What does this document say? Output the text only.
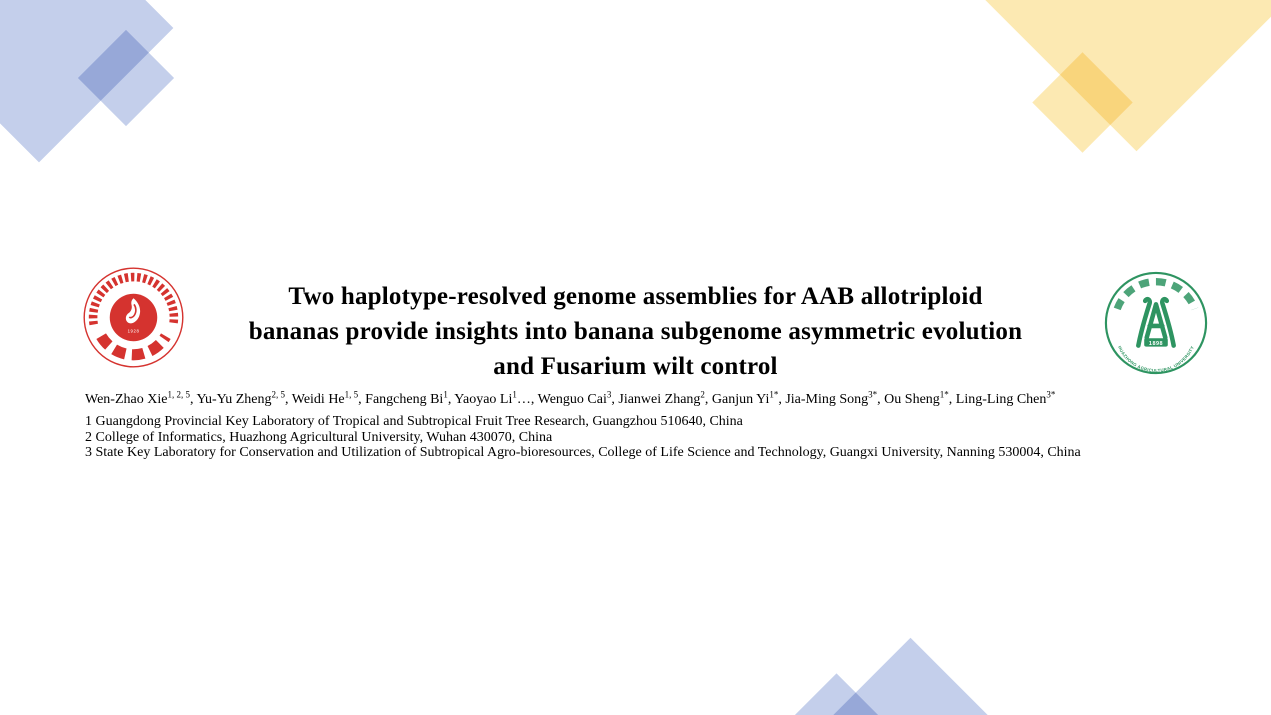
1928
HUAZHONG AGRICULTURAL UNIVERSITY
1898
Two haplotype-resolved genome assemblies for AAB allotriploid
bananas provide insights into banana subgenome asymmetric evolution
and Fusarium wilt control
Wen-Zhao Xie$^{1, 2, 5}$, Yu-Yu Zheng$^{2, 5}$, Weidi He$^{1, 5}$, Fangcheng Bi$^1$, Yaoyao Li$^1$…, Wenguo Cai$^3$, Jianwei Zhang$^2$, Ganjun $Yi^{1*}$, Jia-Ming Song$^{3*}$, Ou Sheng$^{1*}$, Ling-Ling Chen$^{3*}$
1 Guangdong Provincial Key Laboratory of Tropical and Subtropical Fruit Tree Research, Guangzhou 510640, China
2 College of Informatics, Huazhong Agricultural University, Wuhan 430070, China
3 State Key Laboratory for Conservation and Utilization of Subtropical Agro-bioresources, College of Life Science and Technology, Guangxi University, Nanning 530004, China
